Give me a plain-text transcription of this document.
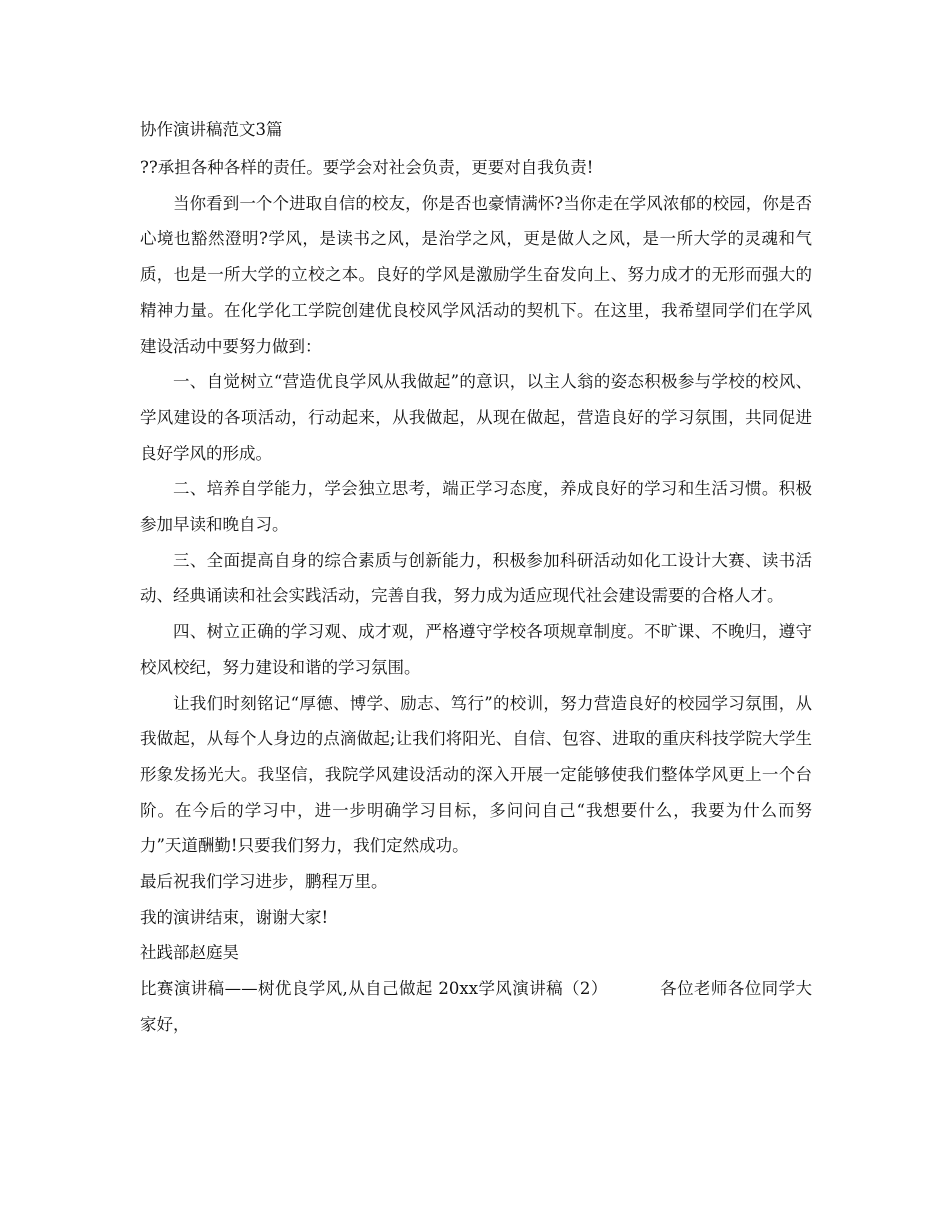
协作演讲稿范文3篇

??承担各种各样的责任。要学会对社会负责，更要对自我负责!

当你看到一个个进取自信的校友，你是否也豪情满怀?当你走在学风浓郁的校园，你是否心境也豁然澄明?学风，是读书之风，是治学之风，更是做人之风，是一所大学的灵魂和气质，也是一所大学的立校之本。良好的学风是激励学生奋发向上、努力成才的无形而强大的精神力量。在化学化工学院创建优良校风学风活动的契机下。在这里，我希望同学们在学风建设活动中要努力做到：

一、自觉树立“营造优良学风从我做起”的意识，以主人翁的姿态积极参与学校的校风、学风建设的各项活动，行动起来，从我做起，从现在做起，营造良好的学习氛围，共同促进良好学风的形成。

二、培养自学能力，学会独立思考，端正学习态度，养成良好的学习和生活习惯。积极参加早读和晚自习。

三、全面提高自身的综合素质与创新能力，积极参加科研活动如化工设计大赛、读书活动、经典诵读和社会实践活动，完善自我，努力成为适应现代社会建设需要的合格人才。

四、树立正确的学习观、成才观，严格遵守学校各项规章制度。不旷课、不晚归，遵守校风校纪，努力建设和谐的学习氛围。

让我们时刻铭记“厚德、博学、励志、笃行”的校训，努力营造良好的校园学习氛围，从我做起，从每个人身边的点滴做起;让我们将阳光、自信、包容、进取的重庆科技学院大学生形象发扬光大。我坚信，我院学风建设活动的深入开展一定能够使我们整体学风更上一个台阶。在今后的学习中，进一步明确学习目标，多问问自己“我想要什么，我要为什么而努力”天道酬勤!只要我们努力，我们定然成功。

最后祝我们学习进步，鹏程万里。

我的演讲结束，谢谢大家!

社践部赵庭昊

比赛演讲稿——树优良学风,从自己做起 20xx学风演讲稿（2）	各位老师各位同学大家好，
